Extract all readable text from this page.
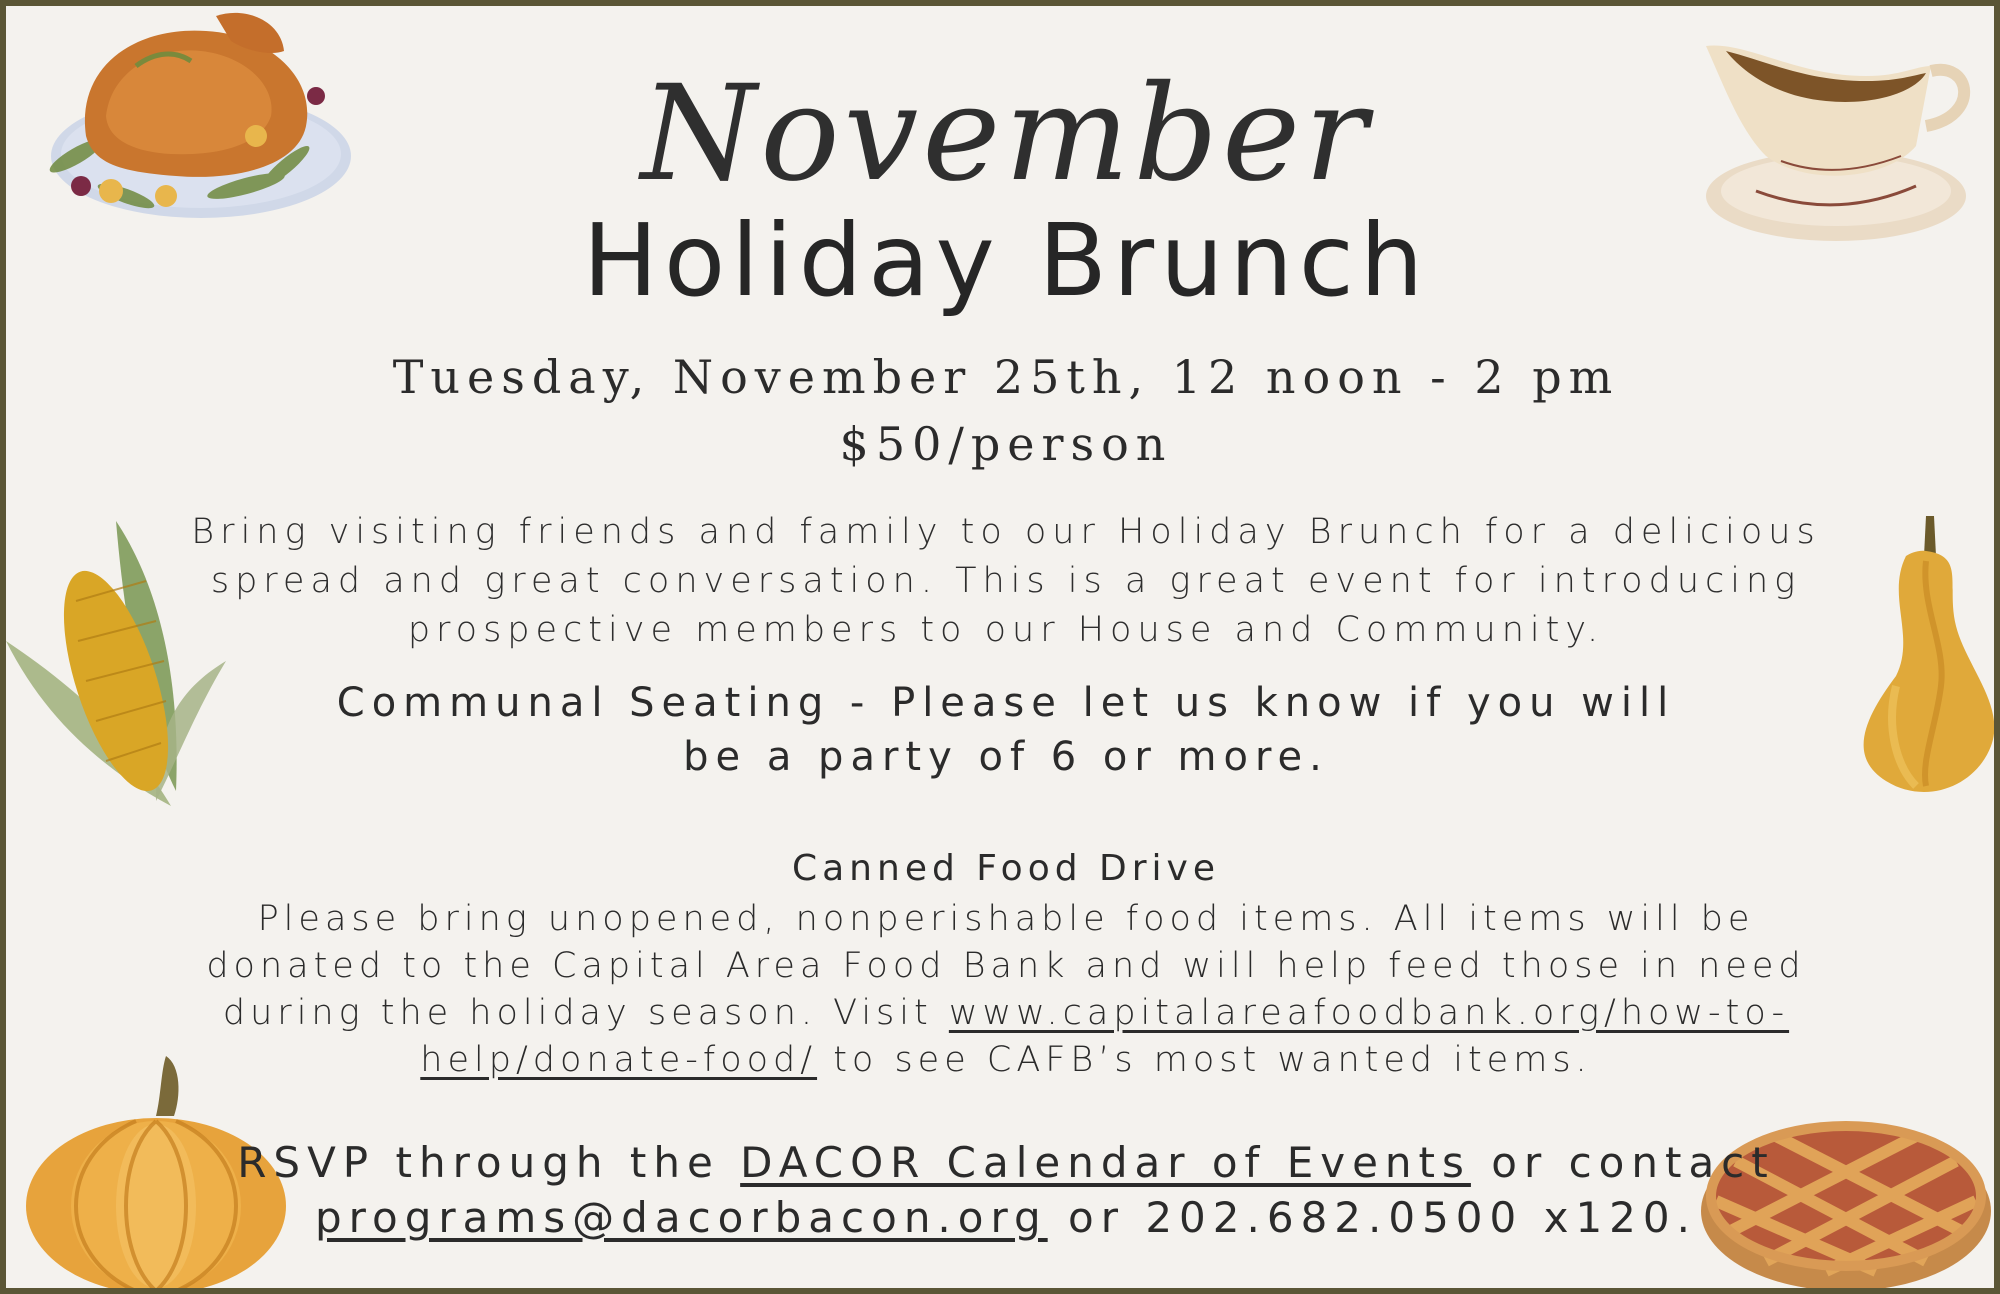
November
Holiday Brunch
Tuesday, November 25th, 12 noon - 2 pm
$50/person
Bring visiting friends and family to our Holiday Brunch for a delicious
spread and great conversation. This is a great event for introducing
prospective members to our House and Community.
Communal Seating - Please let us know if you will
be a party of 6 or more.
Canned Food Drive
Please bring unopened, nonperishable food items. All items will be
donated to the Capital Area Food Bank and will help feed those in need
during the holiday season. Visit www.capitalareafoodbank.org/how-to-
help/donate-food/ to see CAFB’s most wanted items.
RSVP through the DACOR Calendar of Events or contact
programs@dacorbacon.org or 202.682.0500 x120.
